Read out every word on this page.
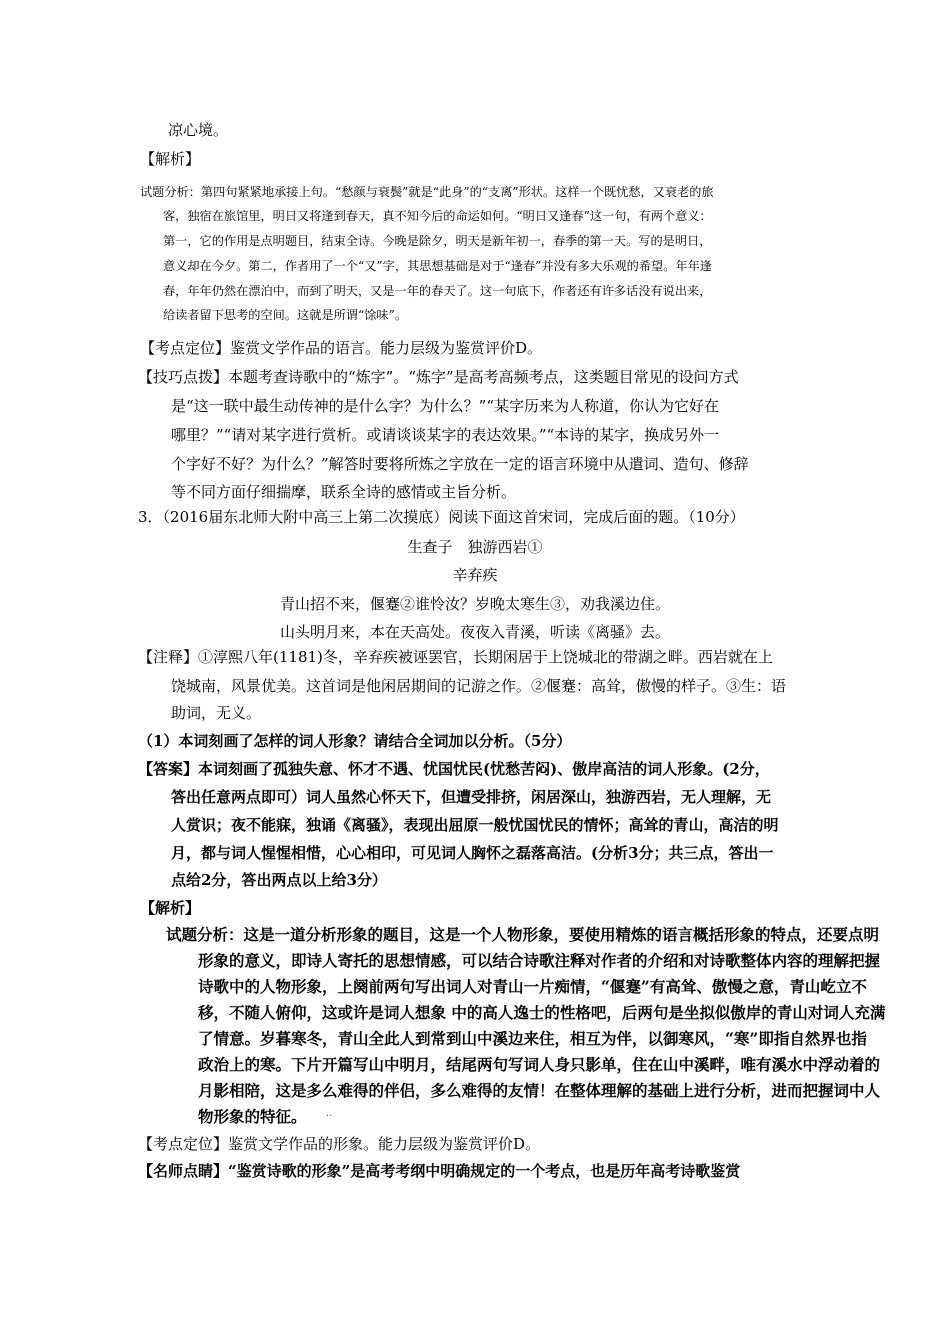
凉心境。
【解析】
试题分析：第四句紧紧地承接上句。“愁颜与衰鬓”就是“此身”的“支离”形状。这样一个既忧愁，又衰老的旅
客，独宿在旅馆里，明日又将逢到春天，真不知今后的命运如何。“明日又逢春”这一句，有两个意义：
第一，它的作用是点明题目，结束全诗。今晚是除夕，明天是新年初一，春季的第一天。写的是明日，
意义却在今夕。第二，作者用了一个“又”字，其思想基础是对于“逢春”并没有多大乐观的希望。年年逢
春，年年仍然在漂泊中，而到了明天，又是一年的春天了。这一句底下，作者还有许多话没有说出来，
给读者留下思考的空间。这就是所谓“馀味”。
【考点定位】鉴赏文学作品的语言。能力层级为鉴赏评价D。
【技巧点拨】本题考查诗歌中的“炼字”。“炼字”是高考高频考点，这类题目常见的设问方式
是“这一联中最生动传神的是什么字？为什么？”“某字历来为人称道，你认为它好在
哪里？”“请对某字进行赏析。或请谈谈某字的表达效果。”“本诗的某字，换成另外一
个字好不好？为什么？”解答时要将所炼之字放在一定的语言环境中从遣词、造句、修辞
等不同方面仔细揣摩，联系全诗的感情或主旨分析。
3．（2016届东北师大附中高三上第二次摸底）阅读下面这首宋词，完成后面的题。（10分）
生查子　独游西岩①
辛弃疾
青山招不来，偃蹇②谁怜汝？岁晚太寒生③，劝我溪边住。
山头明月来，本在天高处。夜夜入青溪，听读《离骚》去。
【注释】①淳熙八年(1181)冬，辛弃疾被诬罢官，长期闲居于上饶城北的带湖之畔。西岩就在上
饶城南，风景优美。这首词是他闲居期间的记游之作。②偃蹇：高耸，傲慢的样子。③生：语
助词，无义。
（1）本词刻画了怎样的词人形象？请结合全词加以分析。（5分）
【答案】本词刻画了孤独失意、怀才不遇、忧国忧民(忧愁苦闷)、傲岸高洁的词人形象。(2分，
答出任意两点即可）词人虽然心怀天下，但遭受排挤，闲居深山，独游西岩，无人理解，无
人赏识；夜不能寐，独诵《离骚》，表现出屈原一般忧国忧民的情怀；高耸的青山，高洁的明
月，都与词人惺惺相惜，心心相印，可见词人胸怀之磊落高洁。(分析3分；共三点，答出一
点给2分，答出两点以上给3分）
【解析】
试题分析：这是一道分析形象的题目，这是一个人物形象，要使用精炼的语言概括形象的特点，还要点明
形象的意义，即诗人寄托的思想情感，可以结合诗歌注释对作者的介绍和对诗歌整体内容的理解把握
诗歌中的人物形象，上阕前两句写出词人对青山一片痴情，“偃蹇”有高耸、傲慢之意，青山屹立不
移，不随人俯仰，这或许是词人想象 中的高人逸士的性格吧，后两句是坐拟似傲岸的青山对词人充满
了情意。岁暮寒冬，青山全此人到常到山中溪边来住，相互为伴，以御寒风，“寒”即指自然界也指
政治上的寒。下片开篇写山中明月，结尾两句写词人身只影单，住在山中溪畔，唯有溪水中浮动着的
月影相陪，这是多么难得的伴侣，多么难得的友情！在整体理解的基础上进行分析，进而把握词中人
物形象的特征。 ··
【考点定位】鉴赏文学作品的形象。能力层级为鉴赏评价D。
【名师点睛】“鉴赏诗歌的形象”是高考考纲中明确规定的一个考点，也是历年高考诗歌鉴赏
